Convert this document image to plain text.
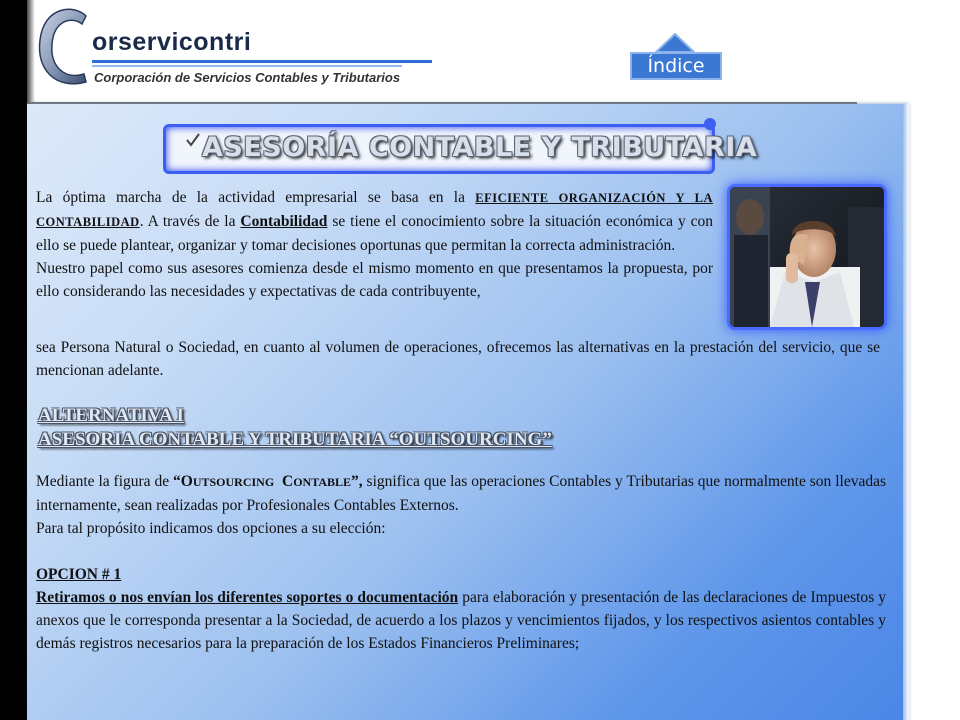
orservicontri
Corporación de Servicios Contables y Tributarios
Índice
ASESORÍA CONTABLE Y TRIBUTARIA
La óptima marcha de la actividad empresarial se basa en la EFICIENTE ORGANIZACIÓN Y LA CONTABILIDAD. A través de la Contabilidad se tiene el conocimiento sobre la situación económica y con ello se puede plantear, organizar y tomar decisiones oportunas que permitan la correcta administración.
Nuestro papel como sus asesores comienza desde el mismo momento en que presentamos la propuesta, por ello considerando las necesidades y expectativas de cada contribuyente,
sea Persona Natural o Sociedad, en cuanto al volumen de operaciones, ofrecemos las alternativas en la prestación del servicio, que se mencionan adelante.
ALTERNATIVA I
ASESORIA CONTABLE Y TRIBUTARIA “OUTSOURCING”
Mediante la figura de “OUTSOURCING CONTABLE”, significa que las operaciones Contables y Tributarias que normalmente son llevadas internamente, sean realizadas por Profesionales Contables Externos.
Para tal propósito indicamos dos opciones a su elección:

OPCION # 1
Retiramos o nos envían los diferentes soportes o documentación para elaboración y presentación de las declaraciones de Impuestos y anexos que le corresponda presentar a la Sociedad, de acuerdo a los plazos y vencimientos fijados, y los respectivos asientos contables y demás registros necesarios para la preparación de los Estados Financieros Preliminares;
